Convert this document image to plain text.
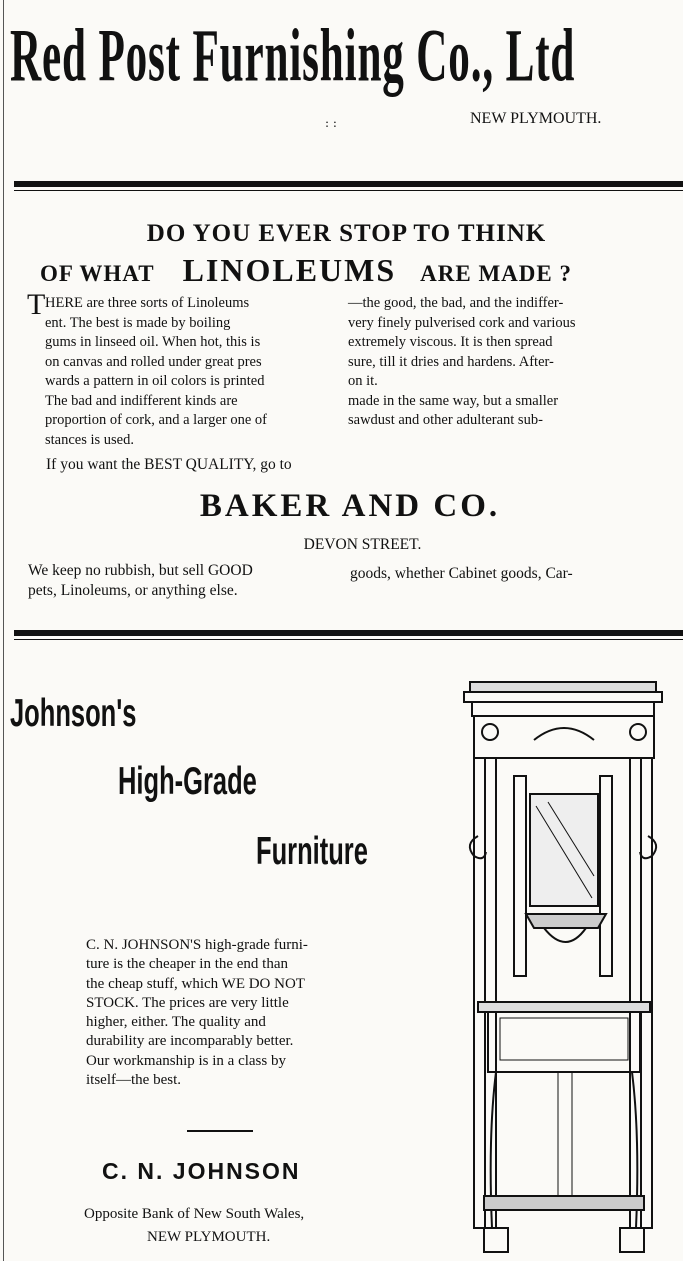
Red Post Furnishing Co., Ltd
NEW PLYMOUTH.
: :
DO YOU EVER STOP TO THINK
OF WHAT LINOLEUMS ARE MADE ?
T HERE are three sorts of Linoleums
ent. The best is made by boiling
gums in linseed oil. When hot, this is
on canvas and rolled under great pres
wards a pattern in oil colors is printed
The bad and indifferent kinds are
proportion of cork, and a larger one of
stances is used.
—the good, the bad, and the indiffer-
very finely pulverised cork and various
extremely viscous. It is then spread
sure, till it dries and hardens. After-
on it.
made in the same way, but a smaller
sawdust and other adulterant sub-
If you want the BEST QUALITY, go to
BAKER AND CO.
DEVON STREET.
We keep no rubbish, but sell GOOD
pets, Linoleums, or anything else.
goods, whether Cabinet goods, Car-
Johnson's
High-Grade
Furniture
C. N. JOHNSON'S high-grade furni-
ture is the cheaper in the end than
the cheap stuff, which WE DO NOT
STOCK. The prices are very little
higher, either. The quality and
durability are incomparably better.
Our workmanship is in a class by
itself—the best.
C. N. JOHNSON
Opposite Bank of New South Wales,
NEW PLYMOUTH.
